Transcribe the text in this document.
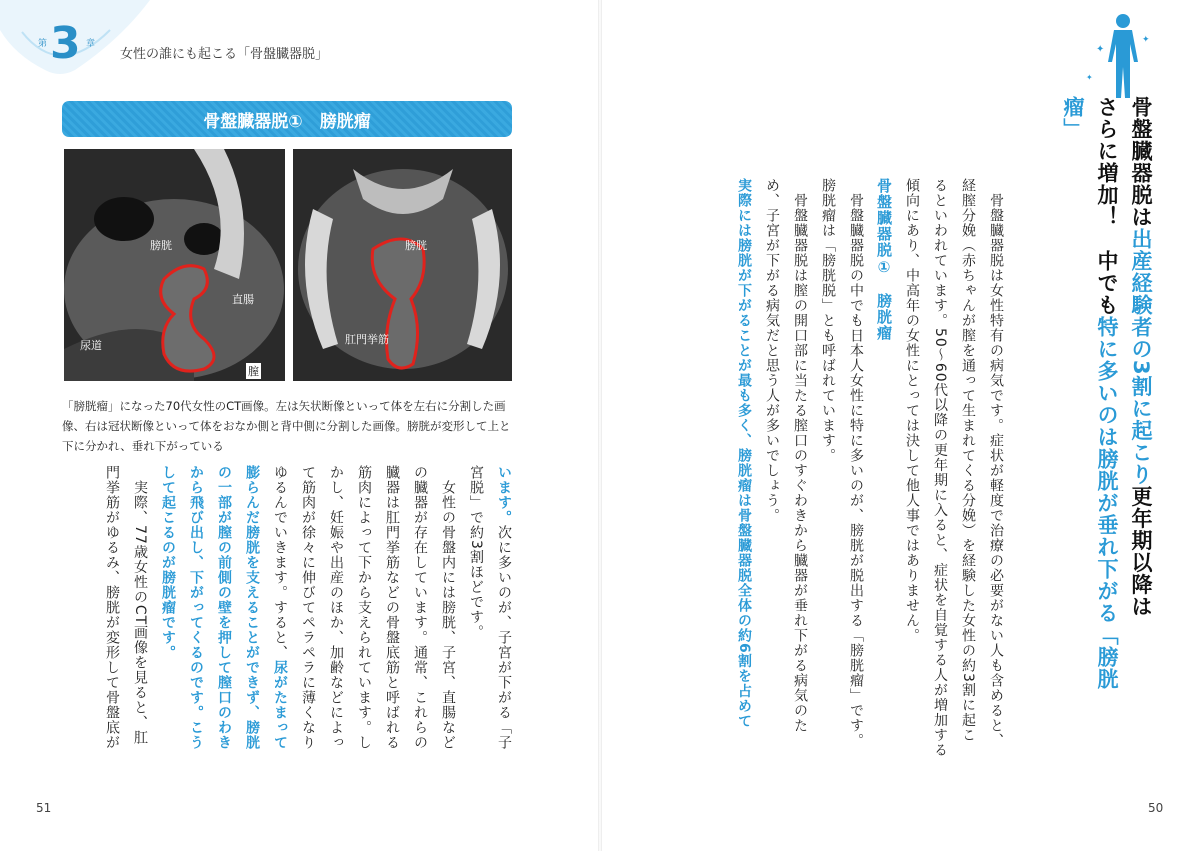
第 3 章
女性の誰にも起こる「骨盤臓器脱」
骨盤臓器脱①　膀胱瘤
膀胱
直腸
尿道
膣
膀胱
肛門挙筋

「膀胱瘤」になった70代女性のCT画像。左は矢状断像といって体を左右に分割した画像、右は冠状断像といって体をおなか側と背中側に分割した画像。膀胱が変形して上と下に分かれ、垂れ下がっている

います。次に多いのが、子宮が下がる「子
宮脱」で約3割ほどです。
　女性の骨盤内には膀胱、子宮、直腸など
の臓器が存在しています。通常、これらの
臓器は肛門挙筋などの骨盤底筋と呼ばれる
筋肉によって下から支えられています。し
かし、妊娠や出産のほか、加齢などによっ
て筋肉が徐々に伸びてペラペラに薄くなり
ゆるんでいきます。すると、尿がたまって
膨らんだ膀胱を支えることができず、膀胱
の一部が膣の前側の壁を押して膣口のわき
から飛び出し、下がってくるのです。こう
して起こるのが膀胱瘤です。
　実際、77歳女性のCT画像を見ると、肛
門挙筋がゆるみ、膀胱が変形して骨盤底が
51
✦
✦
✦
骨盤臓器脱は出産経験者の3割に起こり更年期以降は
さらに増加！　中でも特に多いのは膀胱が垂れ下がる「膀胱瘤」
　骨盤臓器脱は女性特有の病気です。症状が軽度で治療の必要がない人も含めると、
経膣分娩（赤ちゃんが膣を通って生まれてくる分娩）を経験した女性の約3割に起こ
るといわれています。50～60代以降の更年期に入ると、症状を自覚する人が増加する
傾向にあり、中高年の女性にとっては決して他人事ではありません。
骨盤臓器脱①　膀胱瘤
　骨盤臓器脱の中でも日本人女性に特に多いのが、膀胱が脱出する「膀胱瘤」です。
膀胱瘤は「膀胱脱」とも呼ばれています。
　骨盤臓器脱は膣の開口部に当たる膣口のすぐわきから臓器が垂れ下がる病気のた
め、子宮が下がる病気だと思う人が多いでしょう。
実際には膀胱が下がることが最も多く、膀胱瘤は骨盤臓器脱全体の約6割を占めて
50
